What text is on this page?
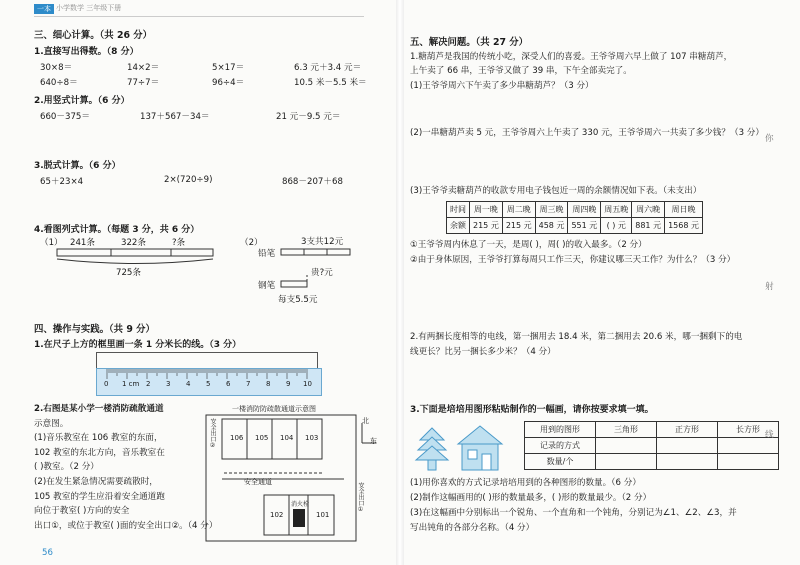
一本 小学数学 三年级下册
三、细心计算。（共 26 分）
1.直接写出得数。（8 分）
30×8＝	14×2＝	5×17＝	6.3 元＋3.4 元＝
640÷8＝	77÷7＝	96÷4＝	10.5 米－5.5 米＝
2.用竖式计算。（6 分）
660－375＝	137＋567－34＝	21 元－9.5 元＝
3.脱式计算。（6 分）
65＋23×4	2×(720÷9)	868－207＋68
4.看图列式计算。（每题 3 分，共 6 分）
（1） 241条	322条	?条
725条
（2）	3支共12元
铅笔
钢笔
贵?元
每支5.5元
四、操作与实践。（共 9 分）
1.在尺子上方的框里画一条 1 分米长的线。（3 分）
0 1 cm 2 3 4 5 6 7 8 9 10
2.右图是某小学一楼消防疏散通道
示意图。
(1)音乐教室在 106 教室的东面，
102 教室的东北方向，音乐教室在
( )教室。（2 分）
(2)在发生紧急情况需要疏散时，
105 教室的学生应沿着安全通道跑
向位于教室( )方向的安全
出口①，或位于教室( )面的安全出口②。（4 分）
一楼消防防疏散通道示意图
106 105 104 103
102	101
安全通道
消火栓	安全出口①
安全出口②	北
东
56
五、解决问题。（共 27 分）
1.糖葫芦是我国的传统小吃，深受人们的喜爱。王爷爷周六早上做了 107 串糖葫芦，
上午卖了 66 串，王爷爷又做了 39 串，下午全部卖完了。
(1)王爷爷周六下午卖了多少串糖葫芦？（3 分）
(2)一串糖葫芦卖 5 元，王爷爷周六上午卖了 330 元，王爷爷周六一共卖了多少钱？（3 分）
(3)王爷爷卖糖葫芦的收款专用电子钱包近一周的余额情况如下表。（未支出）
时间	周一晚	周二晚	周三晚	周四晚	周五晚	周六晚	周日晚
余额	215 元	215 元	458 元	551 元	( ) 元	881 元	1568 元
①王爷爷周内休息了一天，是周( )，周( )的收入最多。（2 分）
②由于身体原因，王爷爷打算每周只工作三天，你建议哪三天工作？为什么？（3 分）
2.有两捆长度相等的电线，第一捆用去 18.4 米，第二捆用去 20.6 米，哪一捆剩下的电
线更长？比另一捆长多少米？（4 分）
3.下面是培培用图形粘贴制作的一幅画，请你按要求填一填。
用到的图形	三角形	正方形	长方形
记录的方式			
数量/个			
(1)用你喜欢的方式记录培培用到的各种图形的数量。（6 分）
(2)制作这幅画用的( )形的数量最多，( )形的数量最少。（2 分）
(3)在这幅画中分别标出一个锐角、一个直角和一个钝角，分别记为∠1、∠2、∠3，并
写出钝角的各部分名称。（4 分）
你
射
线
